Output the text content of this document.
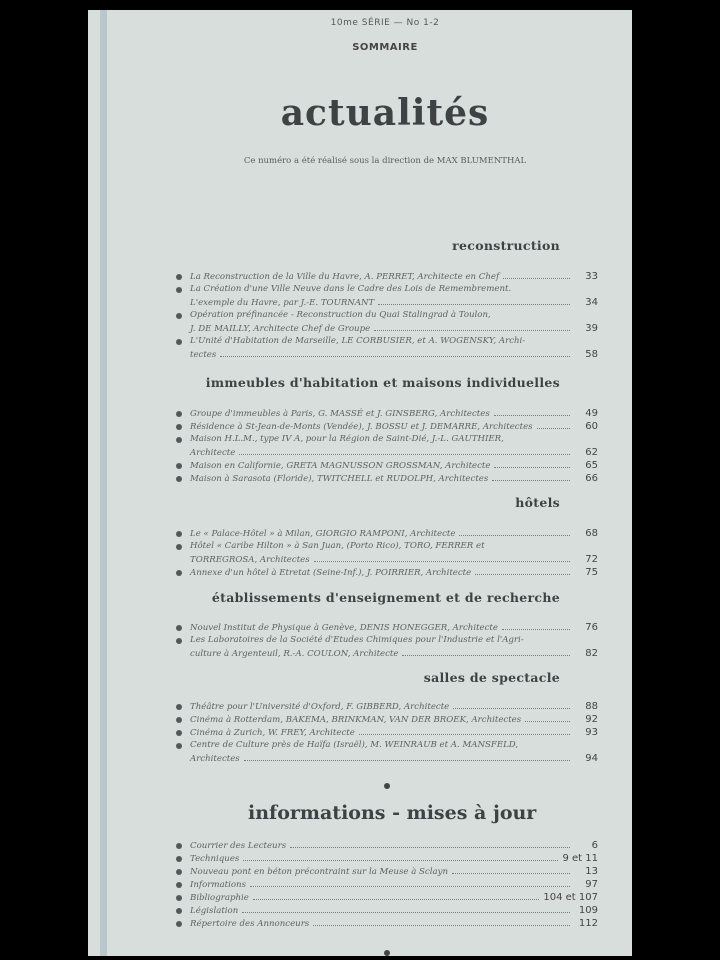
10me SÉRIE — No 1-2
SOMMAIRE
actualités
Ce numéro a été réalisé sous la direction de MAX BLUMENTHAL
reconstruction
La Reconstruction de la Ville du Havre, A. PERRET, Architecte en Chef	33
La Création d'une Ville Neuve dans le Cadre des Lois de Remembrement.
L'exemple du Havre, par J.-E. TOURNANT	34
Opération préfinancée - Reconstruction du Quai Stalingrad à Toulon,
J. DE MAILLY, Architecte Chef de Groupe	39
L'Unité d'Habitation de Marseille, LE CORBUSIER, et A. WOGENSKY, Archi-
tectes	58
immeubles d'habitation et maisons individuelles
Groupe d'immeubles à Paris, G. MASSÉ et J. GINSBERG, Architectes	49
Résidence à St-Jean-de-Monts (Vendée), J. BOSSU et J. DEMARRE, Architectes	60
Maison H.L.M., type IV A, pour la Région de Saint-Dié, J.-L. GAUTHIER,
Architecte	62
Maison en Californie, GRETA MAGNUSSON GROSSMAN, Architecte	65
Maison à Sarasota (Floride), TWITCHELL et RUDOLPH, Architectes	66
hôtels
Le « Palace-Hôtel » à Milan, GIORGIO RAMPONI, Architecte	68
Hôtel « Caribe Hilton » à San Juan, (Porto Rico), TORO, FERRER et
TORREGROSA, Architectes	72
Annexe d'un hôtel à Etretat (Seine-Inf.), J. POIRRIER, Architecte	75
établissements d'enseignement et de recherche
Nouvel Institut de Physique à Genève, DENIS HONEGGER, Architecte	76
Les Laboratoires de la Société d'Etudes Chimiques pour l'Industrie et l'Agri-
culture à Argenteuil, R.-A. COULON, Architecte	82
salles de spectacle
Théâtre pour l'Université d'Oxford, F. GIBBERD, Architecte	88
Cinéma à Rotterdam, BAKEMA, BRINKMAN, VAN DER BROEK, Architectes	92
Cinéma à Zurich, W. FREY, Architecte	93
Centre de Culture près de Haïfa (Israël), M. WEINRAUB et A. MANSFELD,
Architectes	94
Courrier des Lecteurs	6
Techniques	9 et 11
Nouveau pont en béton précontraint sur la Meuse à Sclayn	13
Informations	97
Bibliographie	104 et 107
Législation	109
Répertoire des Annonceurs	112
informations - mises à jour
